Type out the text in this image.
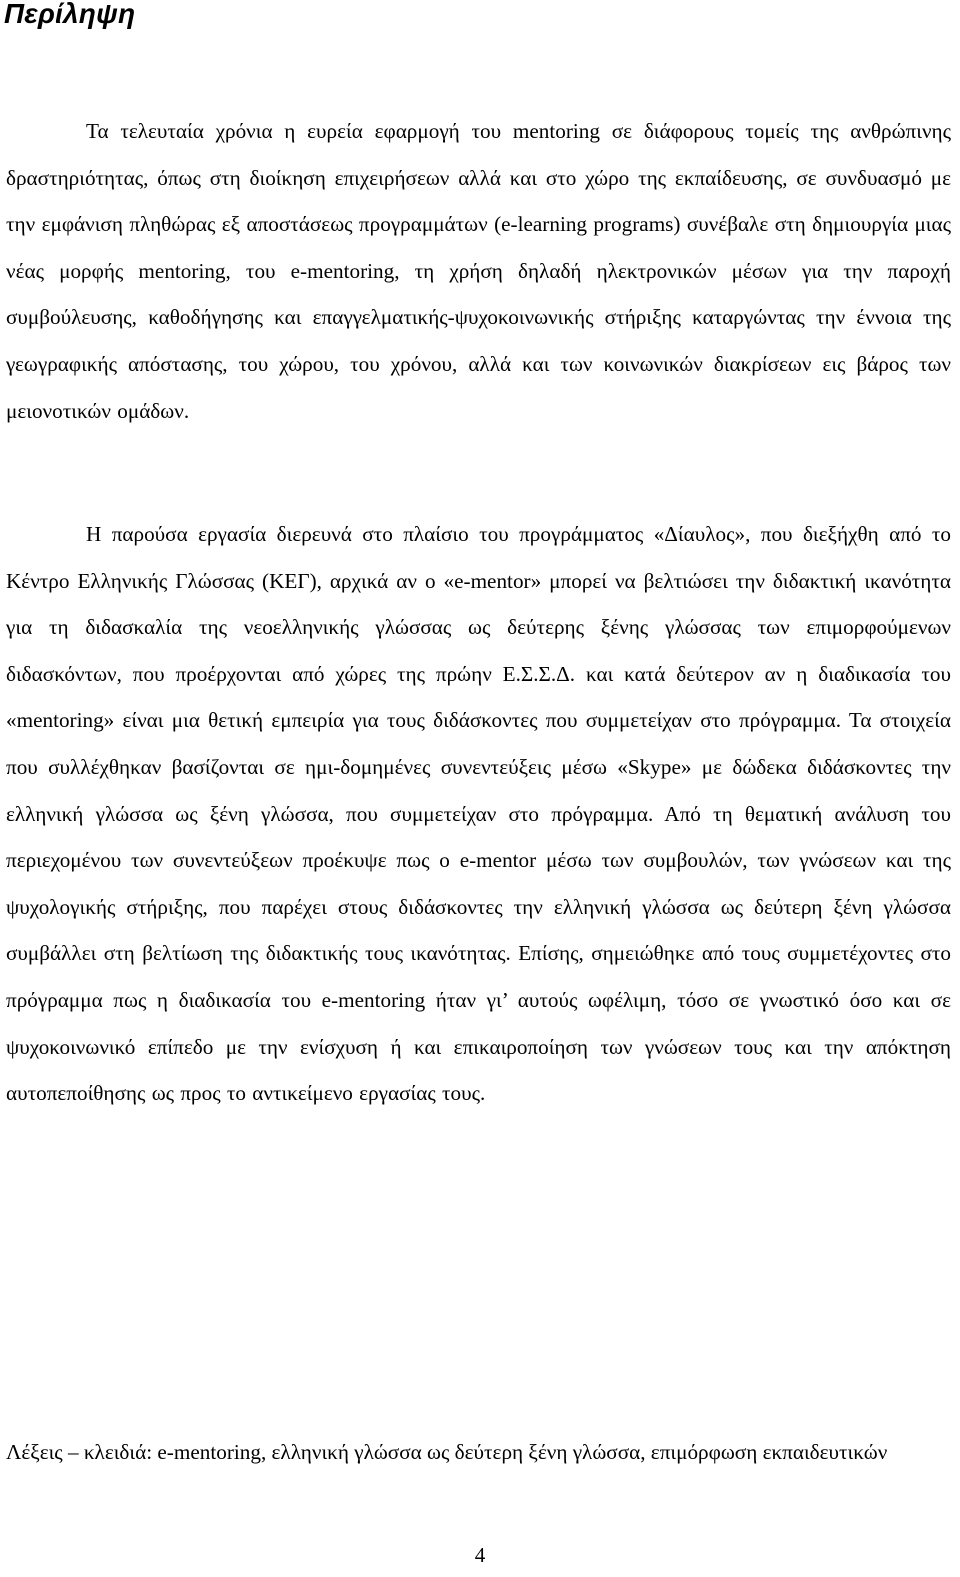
Περίληψη

Τα τελευταία χρόνια η ευρεία εφαρμογή του mentoring σε διάφορους τομείς της ανθρώπινης δραστηριότητας, όπως στη διοίκηση επιχειρήσεων αλλά και στο χώρο της εκπαίδευσης, σε συνδυασμό με την εμφάνιση πληθώρας εξ αποστάσεως προγραμμάτων (e-learning programs) συνέβαλε στη δημιουργία μιας νέας μορφής mentoring, του e-mentoring, τη χρήση δηλαδή ηλεκτρονικών μέσων για την παροχή συμβούλευσης, καθοδήγησης και επαγγελματικής-ψυχοκοινωνικής στήριξης καταργώντας την έννοια της γεωγραφικής απόστασης, του χώρου, του χρόνου, αλλά και των κοινωνικών διακρίσεων εις βάρος των μειονοτικών ομάδων.

Η παρούσα εργασία διερευνά στο πλαίσιο του προγράμματος «Δίαυλος», που διεξήχθη από το Κέντρο Ελληνικής Γλώσσας (ΚΕΓ), αρχικά αν ο «e-mentor» μπορεί να βελτιώσει την διδακτική ικανότητα για τη διδασκαλία της νεοελληνικής γλώσσας ως δεύτερης ξένης γλώσσας των επιμορφούμενων διδασκόντων, που προέρχονται από χώρες της πρώην Ε.Σ.Σ.Δ. και κατά δεύτερον αν η διαδικασία του «mentoring» είναι μια θετική εμπειρία για τους διδάσκοντες που συμμετείχαν στο πρόγραμμα. Τα στοιχεία που συλλέχθηκαν βασίζονται σε ημι-δομημένες συνεντεύξεις μέσω «Skype» με δώδεκα διδάσκοντες την ελληνική γλώσσα ως ξένη γλώσσα, που συμμετείχαν στο πρόγραμμα. Από τη θεματική ανάλυση του περιεχομένου των συνεντεύξεων προέκυψε πως ο e-mentor μέσω των συμβουλών, των γνώσεων και της ψυχολογικής στήριξης, που παρέχει στους διδάσκοντες την ελληνική γλώσσα ως δεύτερη ξένη γλώσσα συμβάλλει στη βελτίωση της διδακτικής τους ικανότητας. Επίσης, σημειώθηκε από τους συμμετέχοντες στο πρόγραμμα πως η διαδικασία του e-mentoring ήταν γι’ αυτούς ωφέλιμη, τόσο σε γνωστικό όσο και σε ψυχοκοινωνικό επίπεδο με την ενίσχυση ή και επικαιροποίηση των γνώσεων τους και την απόκτηση αυτοπεποίθησης ως προς το αντικείμενο εργασίας τους.

Λέξεις – κλειδιά: e-mentoring, ελληνική γλώσσα ως δεύτερη ξένη γλώσσα, επιμόρφωση εκπαιδευτικών

4
